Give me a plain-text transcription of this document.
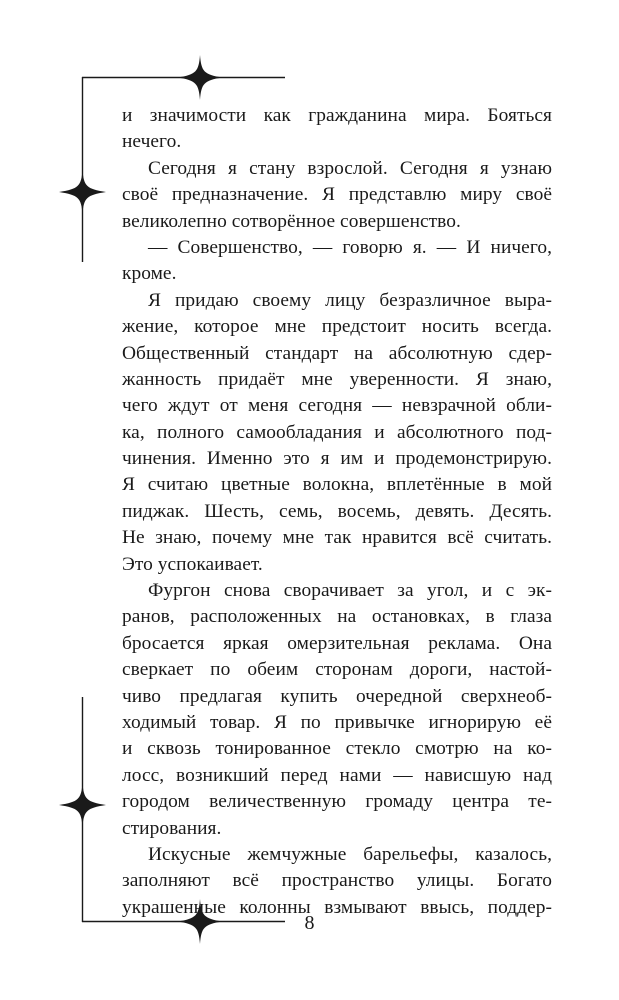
и значимости как гражданина мира. Бояться
нечего.
Сегодня я стану взрослой. Сегодня я узнаю
своё предназначение. Я представлю миру своё
великолепно сотворённое совершенство.
— Совершенство, — говорю я. — И ничего,
кроме.
Я придаю своему лицу безразличное выра-
жение, которое мне предстоит носить всегда.
Общественный стандарт на абсолютную сдер-
жанность придаёт мне уверенности. Я знаю,
чего ждут от меня сегодня — невзрачной обли-
ка, полного самообладания и абсолютного под-
чинения. Именно это я им и продемонстрирую.
Я считаю цветные волокна, вплетённые в мой
пиджак. Шесть, семь, восемь, девять. Десять.
Не знаю, почему мне так нравится всё считать.
Это успокаивает.
Фургон снова сворачивает за угол, и с эк-
ранов, расположенных на остановках, в глаза
бросается яркая омерзительная реклама. Она
сверкает по обеим сторонам дороги, настой-
чиво предлагая купить очередной сверхнеоб-
ходимый товар. Я по привычке игнорирую её
и сквозь тонированное стекло смотрю на ко-
лосс, возникший перед нами — нависшую над
городом величественную громаду центра те-
стирования.
Искусные жемчужные барельефы, казалось,
заполняют всё пространство улицы. Богато
украшенные колонны взмывают ввысь, поддер-
8
